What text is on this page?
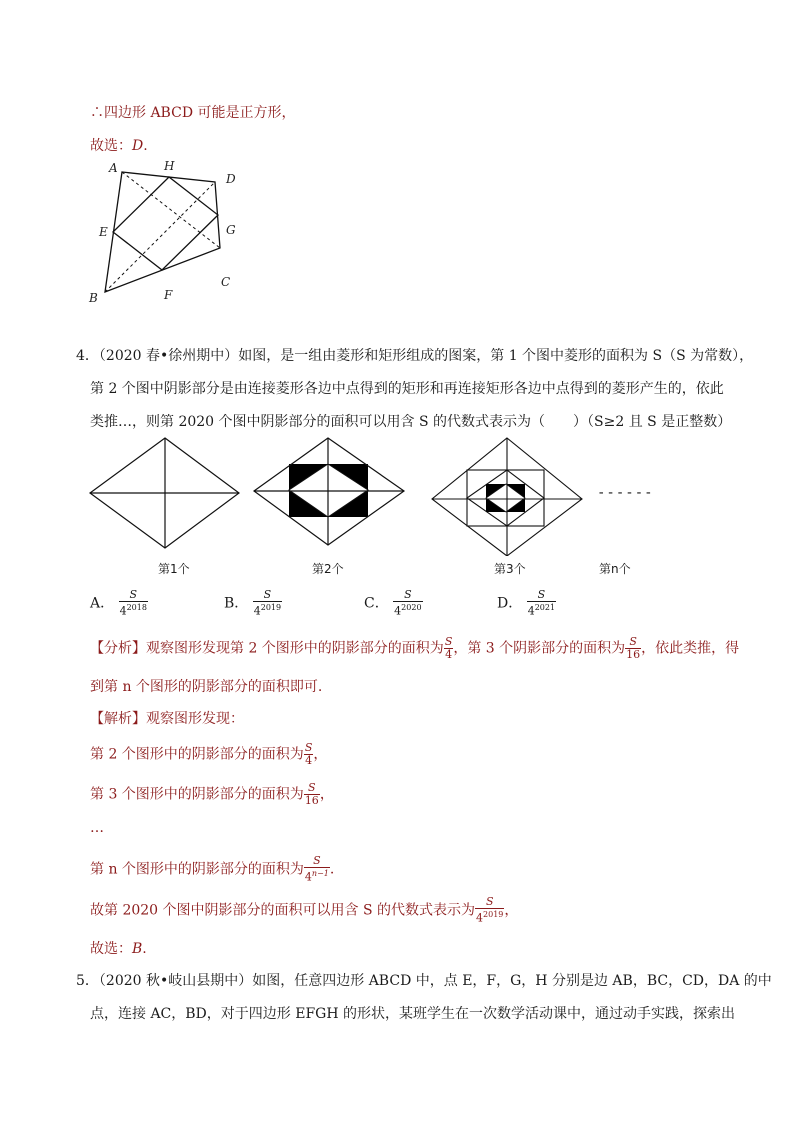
∴四边形 ABCD 可能是正方形，
故选：D.
A	H
D
E	G
B	F
C
4．（2020 春•徐州期中）如图，是一组由菱形和矩形组成的图案，第 1 个图中菱形的面积为 S（S 为常数），
第 2 个图中阴影部分是由连接菱形各边中点得到的矩形和再连接矩形各边中点得到的菱形产生的，依此
类推…，则第 2020 个图中阴影部分的面积可以用含 S 的代数式表示为（　　）（S≥2 且 S 是正整数）
------
第1个	第2个	第3个	第n个
A． $\frac{S}{4^{2018}}$	B． $\frac{S}{4^{2019}}$	C． $\frac{S}{4^{2020}}$	D． $\frac{S}{4^{2021}}$
【分析】观察图形发现第 2 个图形中的阴影部分的面积为 $\frac{S}{4}$ ，第 3 个阴影部分的面积为 $\frac{S}{16}$ ，依此类推，得
到第 n 个图形的阴影部分的面积即可.
【解析】观察图形发现：
第 2 个图形中的阴影部分的面积为 $\frac{S}{4}$ ，
第 3 个图形中的阴影部分的面积为 $\frac{S}{16}$ ，
…
第 n 个图形中的阴影部分的面积为 $\frac{S}{4^{n-1}}$ .
故第 2020 个图中阴影部分的面积可以用含 S 的代数式表示为 $\frac{S}{4^{2019}}$ ，
故选：B.
5．（2020 秋•岐山县期中）如图，任意四边形 ABCD 中，点 E，F，G，H 分别是边 AB，BC，CD，DA 的中
点，连接 AC，BD，对于四边形 EFGH 的形状，某班学生在一次数学活动课中，通过动手实践，探索出
